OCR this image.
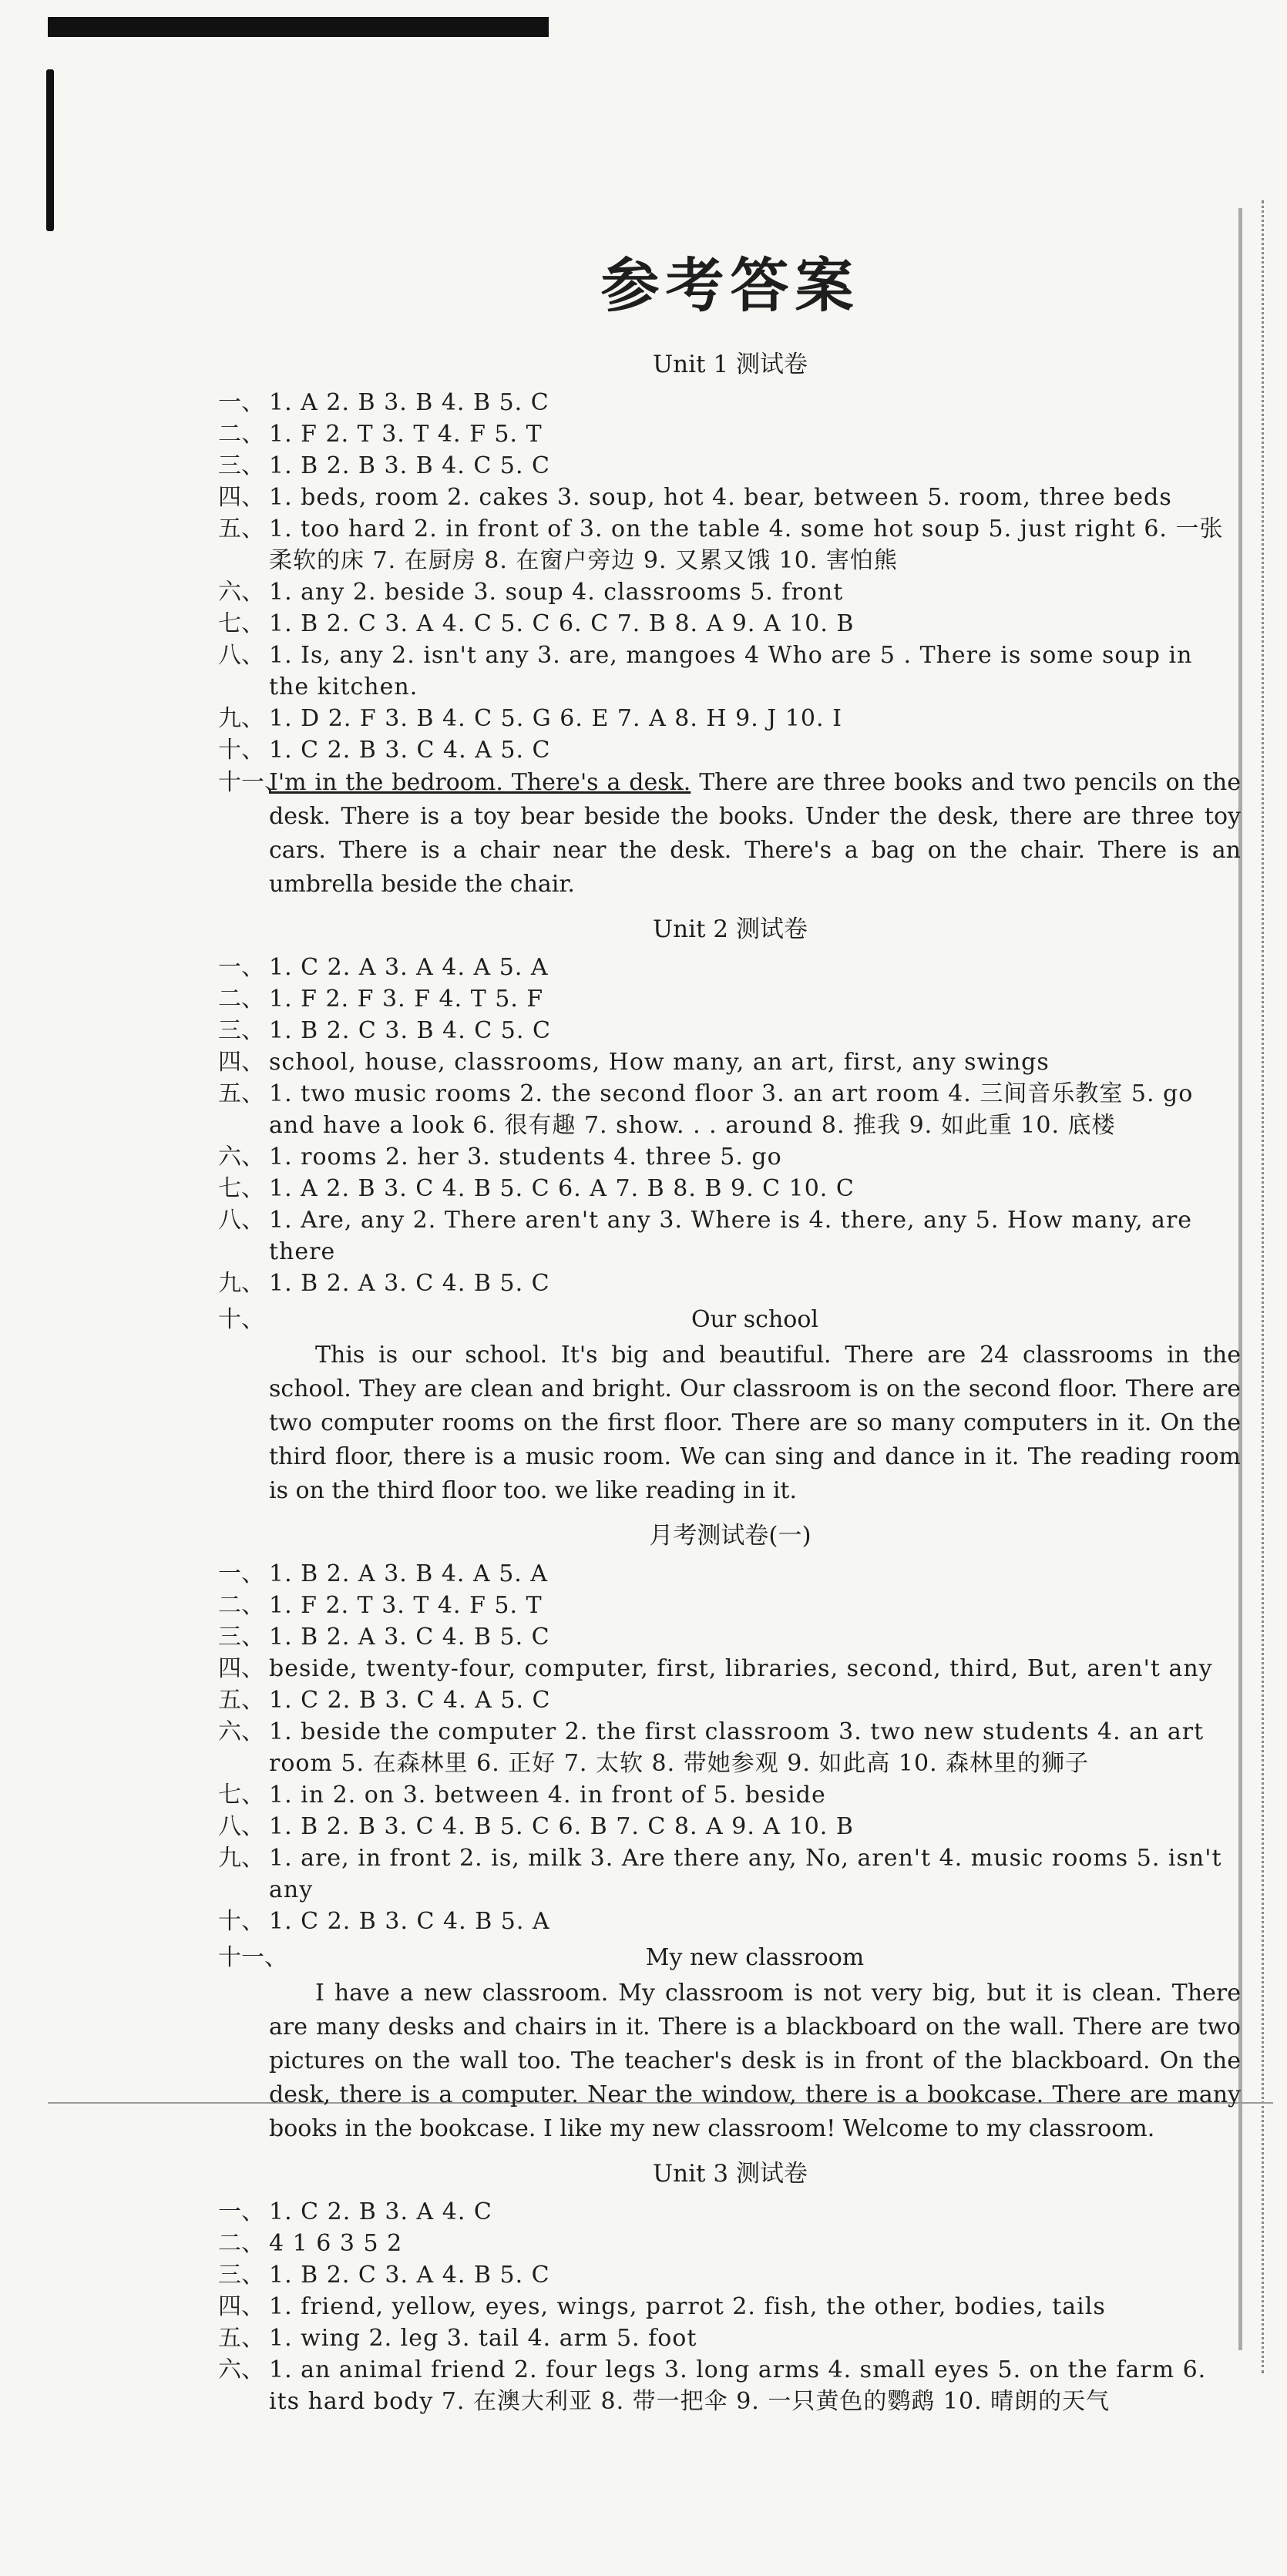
参考答案
Unit 1 测试卷
一、 1. A 2. B 3. B 4. B 5. C
二、 1. F 2. T 3. T 4. F 5. T
三、 1. B 2. B 3. B 4. C 5. C
四、 1. beds, room 2. cakes 3. soup, hot 4. bear, between 5. room, three beds
五、 1. too hard 2. in front of 3. on the table 4. some hot soup 5. just right 6. 一张柔软的床 7. 在厨房 8. 在窗户旁边 9. 又累又饿 10. 害怕熊
六、 1. any 2. beside 3. soup 4. classrooms 5. front
七、 1. B 2. C 3. A 4. C 5. C 6. C 7. B 8. A 9. A 10. B
八、 1. Is, any 2. isn't any 3. are, mangoes 4 Who are 5 . There is some soup in the kitchen.
九、 1. D 2. F 3. B 4. C 5. G 6. E 7. A 8. H 9. J 10. I
十、 1. C 2. B 3. C 4. A 5. C
十一、
I'm in the bedroom. There's a desk. There are three books and two pencils on the desk. There is a toy bear beside the books. Under the desk, there are three toy cars. There is a chair near the desk. There's a bag on the chair. There is an umbrella beside the chair.
Unit 2 测试卷
一、 1. C 2. A 3. A 4. A 5. A
二、 1. F 2. F 3. F 4. T 5. F
三、 1. B 2. C 3. B 4. C 5. C
四、 school, house, classrooms, How many, an art, first, any swings
五、 1. two music rooms 2. the second floor 3. an art room 4. 三间音乐教室 5. go and have a look 6. 很有趣 7. show. . . around 8. 推我 9. 如此重 10. 底楼
六、 1. rooms 2. her 3. students 4. three 5. go
七、 1. A 2. B 3. C 4. B 5. C 6. A 7. B 8. B 9. C 10. C
八、 1. Are, any 2. There aren't any 3. Where is 4. there, any 5. How many, are there
九、 1. B 2. A 3. C 4. B 5. C
十、	Our school
This is our school. It's big and beautiful. There are 24 classrooms in the school. They are clean and bright. Our classroom is on the second floor. There are two computer rooms on the first floor. There are so many computers in it. On the third floor, there is a music room. We can sing and dance in it. The reading room is on the third floor too. we like reading in it.
月考测试卷(一)
一、 1. B 2. A 3. B 4. A 5. A
二、 1. F 2. T 3. T 4. F 5. T
三、 1. B 2. A 3. C 4. B 5. C
四、 beside, twenty-four, computer, first, libraries, second, third, But, aren't any
五、 1. C 2. B 3. C 4. A 5. C
六、 1. beside the computer 2. the first classroom 3. two new students 4. an art room 5. 在森林里 6. 正好 7. 太软 8. 带她参观 9. 如此高 10. 森林里的狮子
七、 1. in 2. on 3. between 4. in front of 5. beside
八、 1. B 2. B 3. C 4. B 5. C 6. B 7. C 8. A 9. A 10. B
九、 1. are, in front 2. is, milk 3. Are there any, No, aren't 4. music rooms 5. isn't any
十、 1. C 2. B 3. C 4. B 5. A
十一、	My new classroom
I have a new classroom. My classroom is not very big, but it is clean. There are many desks and chairs in it. There is a blackboard on the wall. There are two pictures on the wall too. The teacher's desk is in front of the blackboard. On the desk, there is a computer. Near the window, there is a bookcase. There are many books in the bookcase. I like my new classroom! Welcome to my classroom.
Unit 3 测试卷
一、 1. C 2. B 3. A 4. C
二、 4 1 6 3 5 2
三、 1. B 2. C 3. A 4. B 5. C
四、 1. friend, yellow, eyes, wings, parrot 2. fish, the other, bodies, tails
五、 1. wing 2. leg 3. tail 4. arm 5. foot
六、 1. an animal friend 2. four legs 3. long arms 4. small eyes 5. on the farm 6. its hard body 7. 在澳大利亚 8. 带一把伞 9. 一只黄色的鹦鹉 10. 晴朗的天气
